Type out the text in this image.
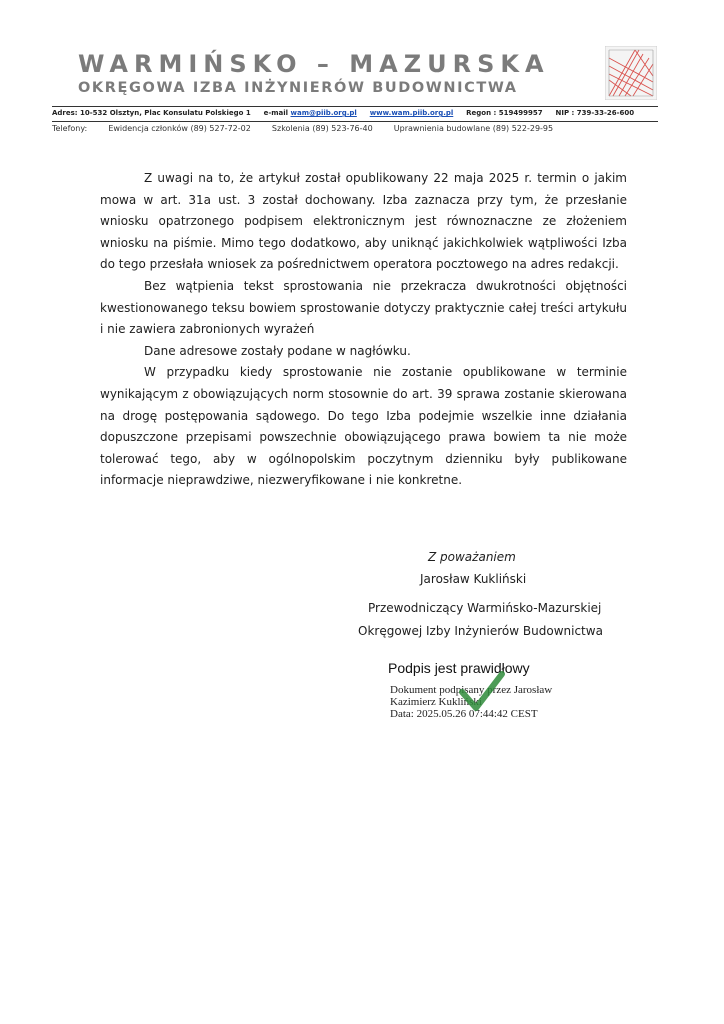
WARMIŃSKO – MAZURSKA
OKRĘGOWA IZBA INŻYNIERÓW BUDOWNICTWA
Adres: 10-532 Olsztyn, Plac Konsulatu Polskiego 1 e-mail wam@piib.org.pl www.wam.piib.org.pl Regon : 519499957 NIP : 739-33-26-600
Telefony:	Ewidencja członków (89) 527-72-02	Szkolenia (89) 523-76-40	Uprawnienia budowlane (89) 522-29-95

Z uwagi na to, że artykuł został opublikowany 22 maja 2025 r. termin o jakim mowa w art. 31a ust. 3 został dochowany. Izba zaznacza przy tym, że przesłanie wniosku opatrzonego podpisem elektronicznym jest równoznaczne ze złożeniem wniosku na piśmie. Mimo tego dodatkowo, aby uniknąć jakichkolwiek wątpliwości Izba do tego przesłała wniosek za pośrednictwem operatora pocztowego na adres redakcji.

Bez wątpienia tekst sprostowania nie przekracza dwukrotności objętności kwestionowanego teksu bowiem sprostowanie dotyczy praktycznie całej treści artykułu i nie zawiera zabronionych wyrażeń

Dane adresowe zostały podane w nagłówku.

W przypadku kiedy sprostowanie nie zostanie opublikowane w terminie wynikającym z obowiązujących norm stosownie do art. 39 sprawa zostanie skierowana na drogę postępowania sądowego. Do tego Izba podejmie wszelkie inne działania dopuszczone przepisami powszechnie obowiązującego prawa bowiem ta nie może tolerować tego, aby w ogólnopolskim poczytnym dzienniku były publikowane informacje nieprawdziwe, niezweryfikowane i nie konkretne.

Z poważaniem
Jarosław Kukliński
Przewodniczący Warmińsko-Mazurskiej
Okręgowej Izby Inżynierów Budownictwa
Podpis jest prawidłowy
Dokument podpisany przez Jarosław
Kazimierz Kukliński
Data: 2025.05.26 07:44:42 CEST
